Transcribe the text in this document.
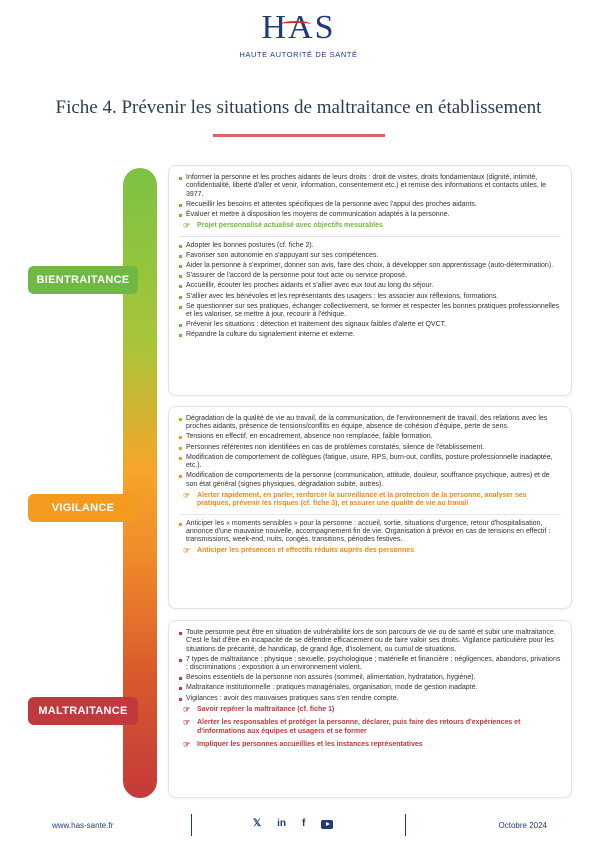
HAS
HAUTE AUTORITÉ DE SANTÉ
Fiche 4. Prévenir les situations de maltraitance en établissement
BIENTRAITANCE
VIGILANCE
MALTRAITANCE
Informer la personne et les proches aidants de leurs droits : droit de visites, droits fondamentaux (dignité, intimité, confidentialité, liberté d'aller et venir, information, consentement etc.) et remise des informations et contacts utiles, le 3977.
Recueillir les besoins et attentes spécifiques de la personne avec l'appui des proches aidants.
Évaluer et mettre à disposition les moyens de communication adaptés à la personne.
☞ Projet personnalisé actualisé avec objectifs mesurables
Adopter les bonnes postures (cf. fiche 2).
Favoriser son autonomie en s'appuyant sur ses compétences.
Aider la personne à s'exprimer, donner son avis, faire des choix, à développer son apprentissage (auto-détermination).
S'assurer de l'accord de la personne pour tout acte ou service proposé.
Accueillir, écouter les proches aidants et s'allier avec eux tout au long du séjour.
S'allier avec les bénévoles et les représentants des usagers : les associer aux réflexions, formations.
Se questionner sur ses pratiques, échanger collectivement, se former et respecter les bonnes pratiques professionnelles et les valoriser, se mettre à jour, recourir à l'éthique.
Prévenir les situations : détection et traitement des signaux faibles d'alerte et QVCT.
Répandre la culture du signalement interne et externe.
Dégradation de la qualité de vie au travail, de la communication, de l'environnement de travail, des relations avec les proches aidants, présence de tensions/conflits en équipe, absence de cohésion d'équipe, perte de sens.
Tensions en effectif, en encadrement, absence non remplacée, faible formation.
Personnes référentes non identifiées en cas de problèmes constatés, silence de l'établissement.
Modification de comportement de collègues (fatigue, usure, RPS, burn-out, conflits, posture professionnelle inadaptée, etc.).
Modification de comportements de la personne (communication, attitude, douleur, souffrance psychique, autres) et de son état général (signes physiques, dégradation subite, autres).
☞ Alerter rapidement, en parler, renforcer la surveillance et la protection de la personne, analyser ses pratiques, prévenir les risques (cf. fiche 3), et assurer une qualité de vie au travail
Anticiper les « moments sensibles » pour la personne : accueil, sortie, situations d'urgence, retour d'hospitalisation, annonce d'une mauvaise nouvelle, accompagnement fin de vie. Organisation à prévoir en cas de tensions en effectif : transmissions, week-end, nuits, congés, transitions, périodes festives.
☞ Anticiper les présences et effectifs réduits auprès des personnes
Toute personne peut être en situation de vulnérabilité lors de son parcours de vie ou de santé et subir une maltraitance. C'est le fait d'être en incapacité de se défendre efficacement ou de faire valoir ses droits. Vigilance particulière pour les situations de précarité, de handicap, de grand âge, d'isolement, ou cumul de situations.
7 types de maltraitance : physique ; sexuelle, psychologique ; matérielle et financière ; négligences, abandons, privations ; discriminations ; exposition à un environnement violent.
Besoins essentiels de la personne non assurés (sommeil, alimentation, hydratation, hygiène).
Maltraitance institutionnelle : pratiques managériales, organisation, mode de gestion inadapté.
Vigilances : avoir des mauvaises pratiques sans s'en rendre compte.
☞ Savoir repérer la maltraitance (cf. fiche 1)
☞ Alerter les responsables et protéger la personne, déclarer, puis faire des retours d'expériences et d'informations aux équipes et usagers et se former
☞ Impliquer les personnes accueillies et les instances représentatives
www.has-sante.fr	𝕏 in f	Octobre 2024
